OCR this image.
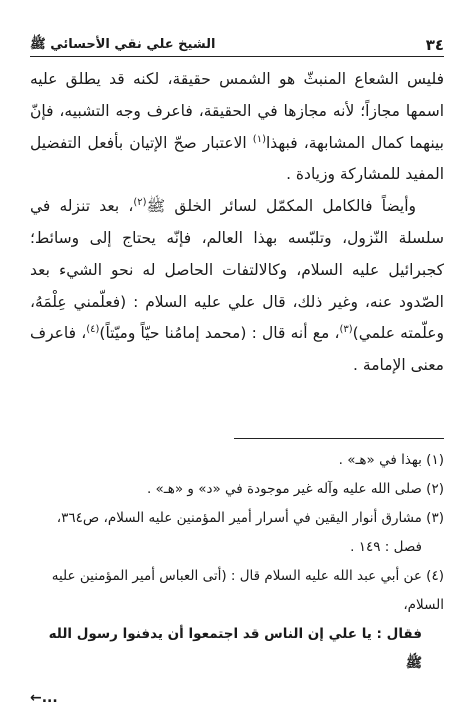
٣٤
الشيخ علي نقي الأحسائي ﷺ

فليس الشعاع المنبثّ هو الشمس حقيقة، لكنه قد يطلق عليه اسمها مجازاً؛ لأنه مجازها في الحقيقة، فاعرف وجه التشبيه، فإنّ بينهما كمال المشابهة، فبهذا$^{(١)}$ الاعتبار صحّ الإتيان بأفعل التفضيل المفيد للمشاركة وزيادة .

وأيضاً فالكامل المكمّل لسائر الخلق ﷺ$^{(٢)}$، بعد تنزله في سلسلة النّزول، وتلبّسه بهذا العالم، فإنّه يحتاج إلى وسائط؛ كجبرائيل عليه السلام، وكالالتفات الحاصل له نحو الشيء بعد الصّدود عنه، وغير ذلك، قال علي عليه السلام : (فعلّمني عِلْمَهُ، وعلّمته علمي)$^{(٣)}$، مع أنه قال : (محمد إمامُنا حيّاً وميّتاً)$^{(٤)}$، فاعرف معنى الإمامة .

(١) بهذا في «هـ» .

(٢) صلى الله عليه وآله غير موجودة في «د» و «هـ» .

(٣) مشارق أنوار اليقين في أسرار أمير المؤمنين عليه السلام، ص٣٦٤،

فصل : ١٤٩ .

(٤) عن أبي عبد الله عليه السلام قال : (أتى العباس أمير المؤمنين عليه السلام،

فقال : يا علي إن الناس قد اجتمعوا أن يدفنوا رسول الله ﷺ

←...
